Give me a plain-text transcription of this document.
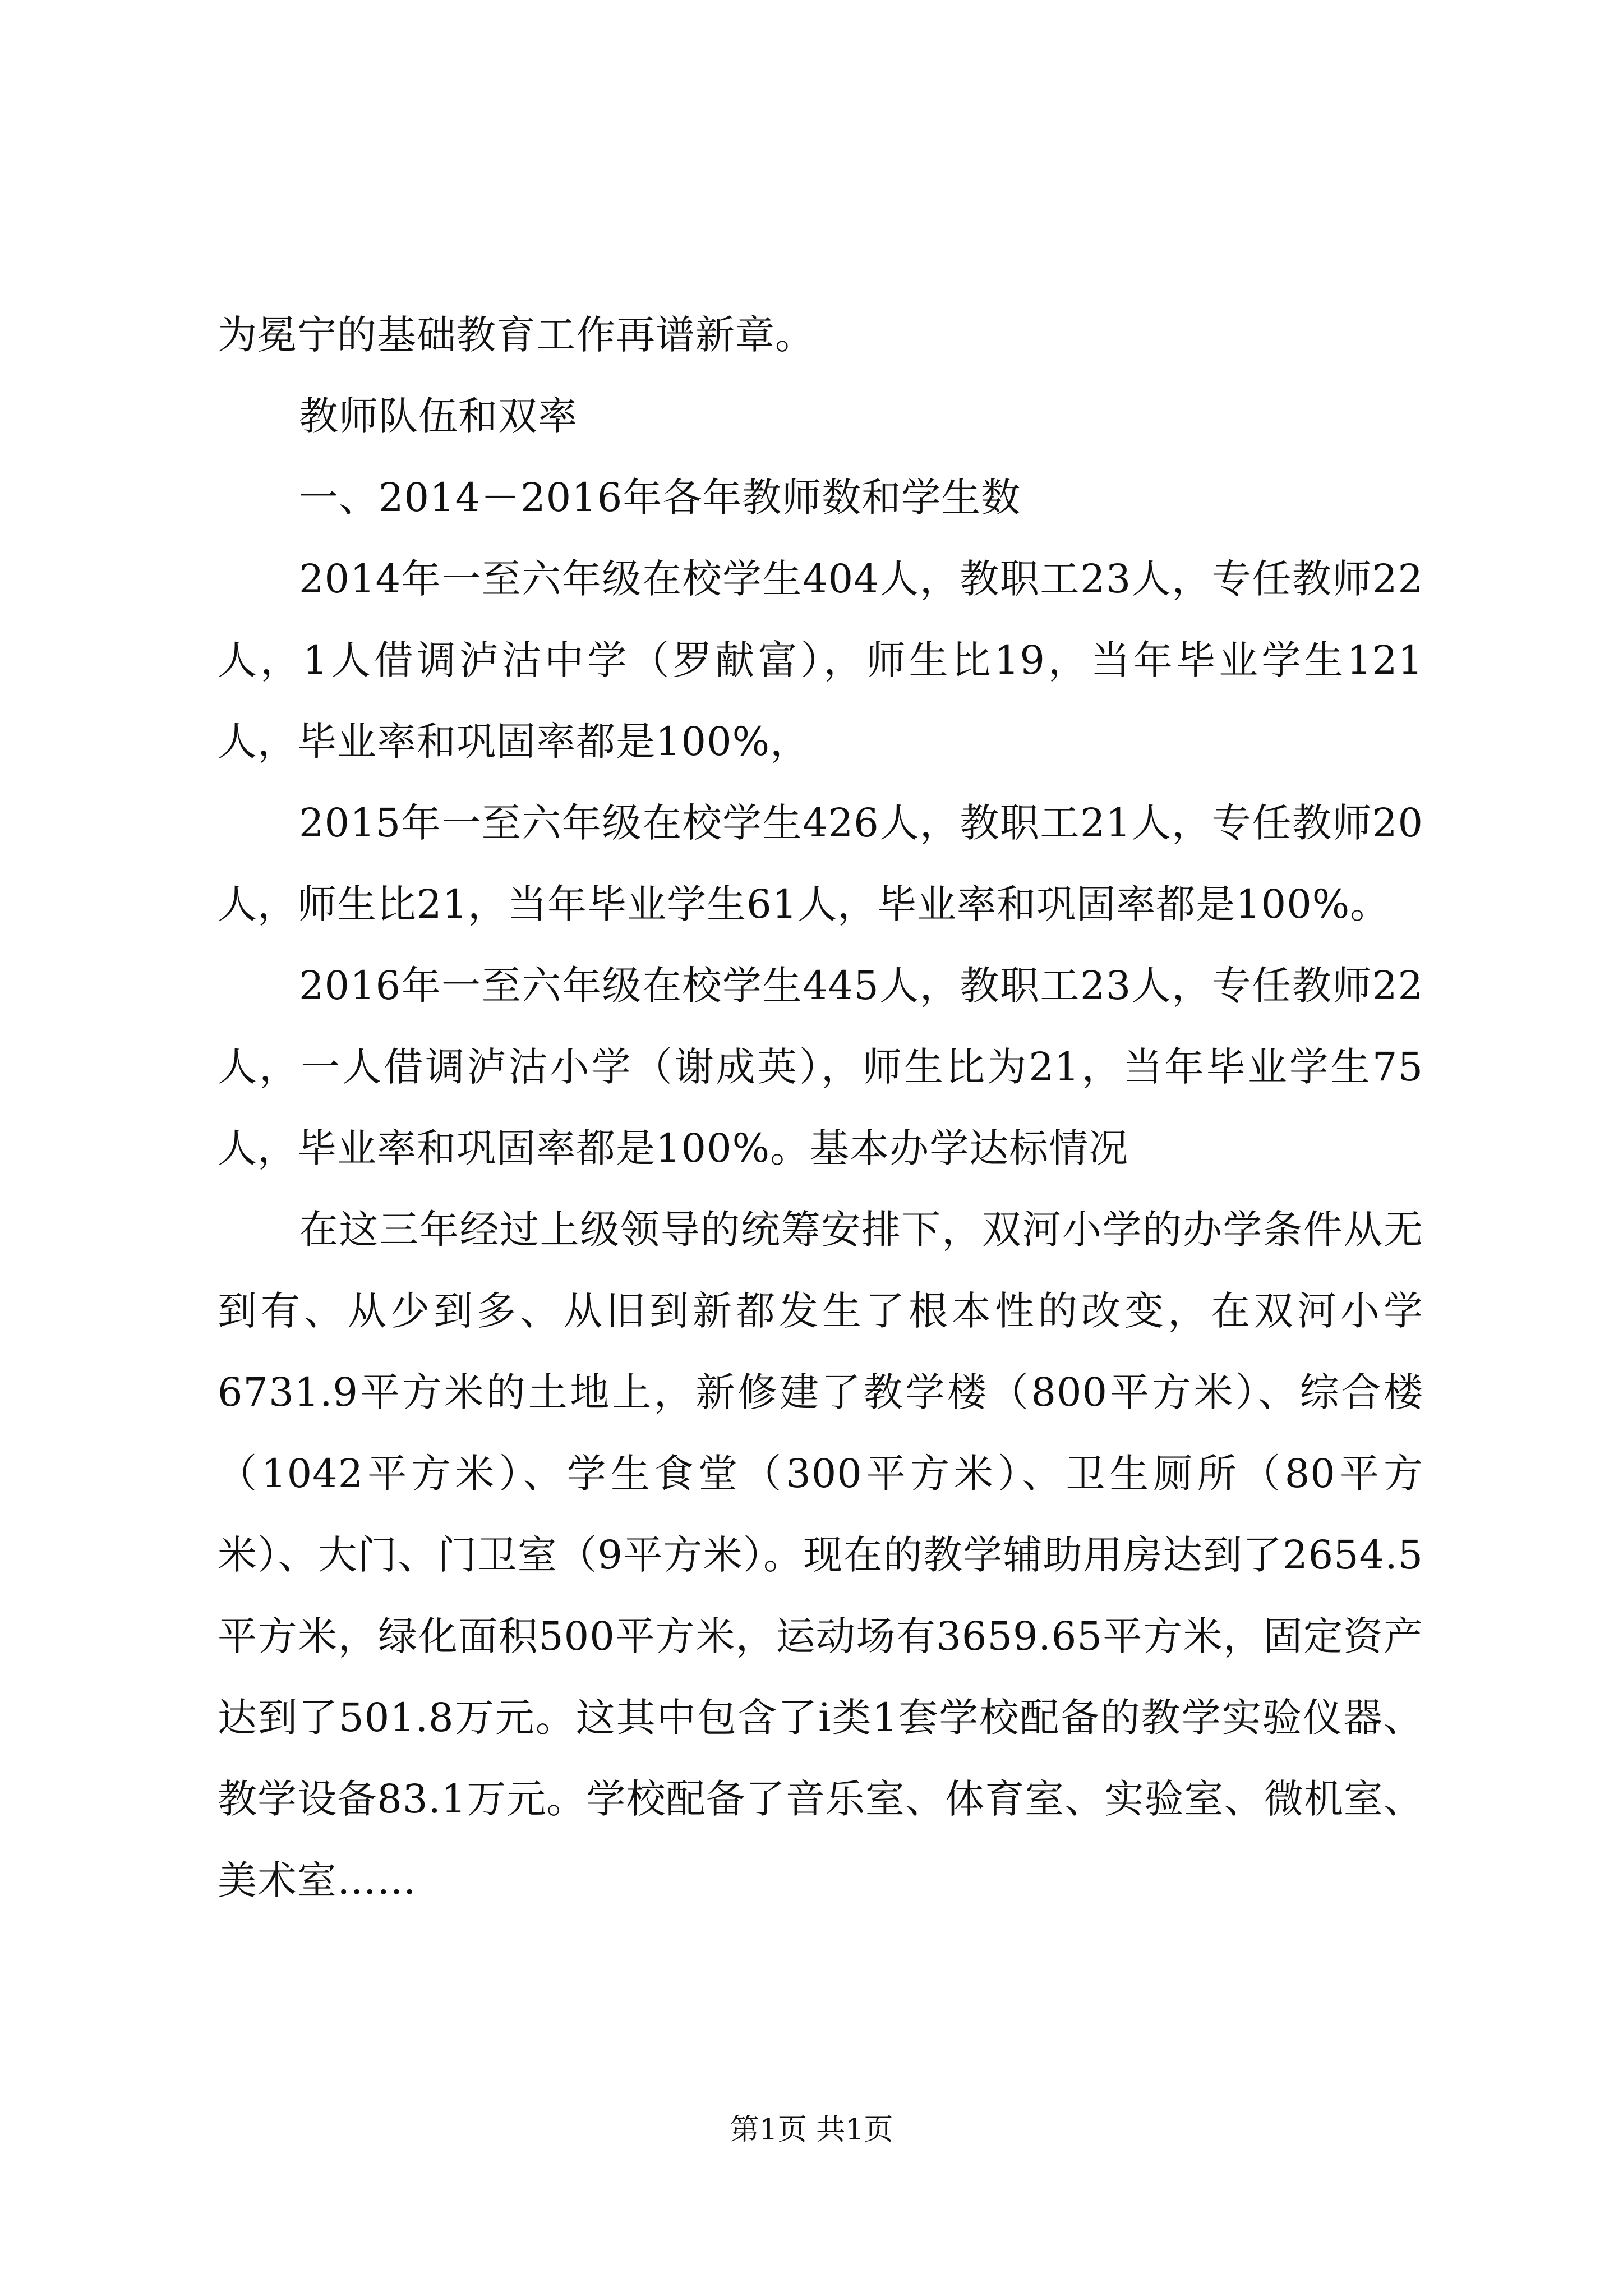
为冕宁的基础教育工作再谱新章。

教师队伍和双率

一、2014－2016年各年教师数和学生数

2014年一至六年级在校学生404人，教职工23人，专任教师22人，1人借调泸沽中学（罗献富），师生比19，当年毕业学生121人，毕业率和巩固率都是100%，

2015年一至六年级在校学生426人，教职工21人，专任教师20人，师生比21，当年毕业学生61人，毕业率和巩固率都是100%。

2016年一至六年级在校学生445人，教职工23人，专任教师22人，一人借调泸沽小学（谢成英），师生比为21，当年毕业学生75人，毕业率和巩固率都是100%。基本办学达标情况

在这三年经过上级领导的统筹安排下，双河小学的办学条件从无到有、从少到多、从旧到新都发生了根本性的改变，在双河小学6731.9平方米的土地上，新修建了教学楼（800平方米）、综合楼（1042平方米）、学生食堂（300平方米）、卫生厕所（80平方米）、大门、门卫室（9平方米）。现在的教学辅助用房达到了2654.5平方米，绿化面积500平方米，运动场有3659.65平方米，固定资产达到了501.8万元。这其中包含了i类1套学校配备的教学实验仪器、教学设备83.1万元。学校配备了音乐室、体育室、实验室、微机室、美术室……

第1页 共1页
